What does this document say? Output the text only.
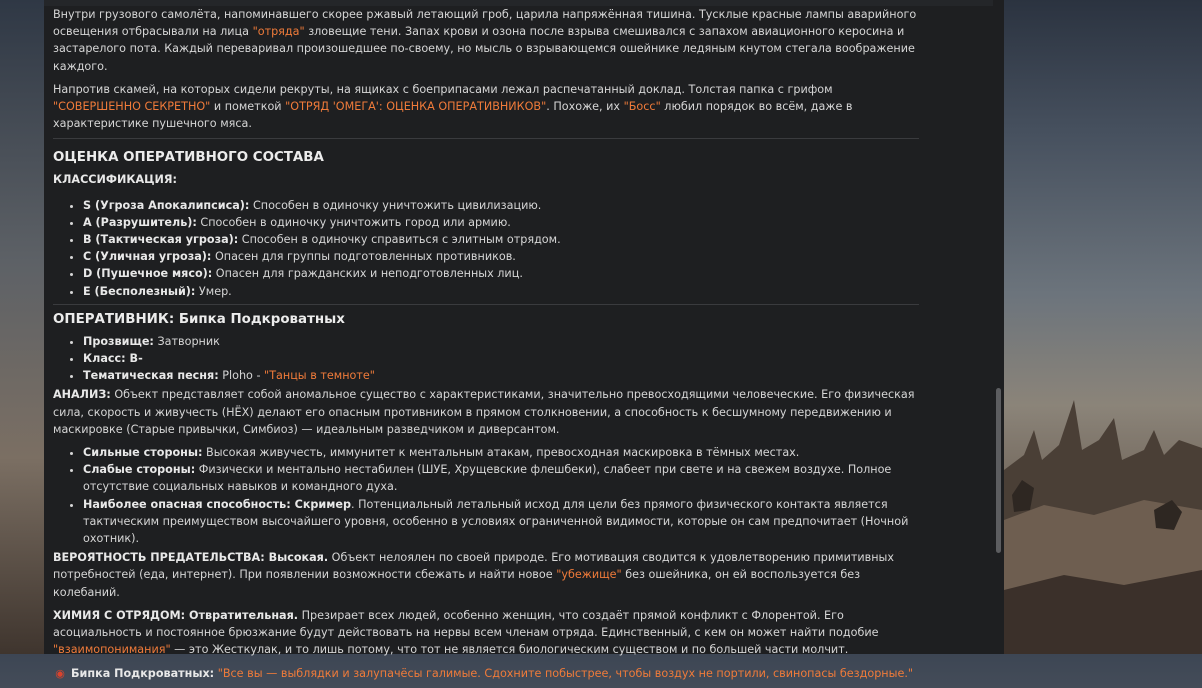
Внутри грузового самолёта, напоминавшего скорее ржавый летающий гроб, царила напряжённая тишина. Тусклые красные лампы аварийного освещения отбрасывали на лица "отряда" зловещие тени. Запах крови и озона после взрыва смешивался с запахом авиационного керосина и застарелого пота. Каждый переваривал произошедшее по-своему, но мысль о взрывающемся ошейнике ледяным кнутом стегала воображение каждого.

Напротив скамей, на которых сидели рекруты, на ящиках с боеприпасами лежал распечатанный доклад. Толстая папка с грифом "СОВЕРШЕННО СЕКРЕТНО" и пометкой "ОТРЯД 'ОМЕГА': ОЦЕНКА ОПЕРАТИВНИКОВ". Похоже, их "Босс" любил порядок во всём, даже в характеристике пушечного мяса.

ОЦЕНКА ОПЕРАТИВНОГО СОСТАВА
КЛАССИФИКАЦИЯ:
• S (Угроза Апокалипсиса): Способен в одиночку уничтожить цивилизацию.
• A (Разрушитель): Способен в одиночку уничтожить город или армию.
• B (Тактическая угроза): Способен в одиночку справиться с элитным отрядом.
• C (Уличная угроза): Опасен для группы подготовленных противников.
• D (Пушечное мясо): Опасен для гражданских и неподготовленных лиц.
• E (Бесполезный): Умер.
ОПЕРАТИВНИК: Бипка Подкроватных
• Прозвище: Затворник
• Класс: B-
• Тематическая песня: Ploho - "Танцы в темноте"

АНАЛИЗ: Объект представляет собой аномальное существо с характеристиками, значительно превосходящими человеческие. Его физическая сила, скорость и живучесть (НЁХ) делают его опасным противником в прямом столкновении, а способность к бесшумному передвижению и маскировке (Старые привычки, Симбиоз) — идеальным разведчиком и диверсантом.

• Сильные стороны: Высокая живучесть, иммунитет к ментальным атакам, превосходная маскировка в тёмных местах.
• Слабые стороны: Физически и ментально нестабилен (ШУЕ, Хрущевские флешбеки), слабеет при свете и на свежем воздухе. Полное отсутствие социальных навыков и командного духа.
• Наиболее опасная способность: Скример. Потенциальный летальный исход для цели без прямого физического контакта является тактическим преимуществом высочайшего уровня, особенно в условиях ограниченной видимости, которые он сам предпочитает (Ночной охотник).

ВЕРОЯТНОСТЬ ПРЕДАТЕЛЬСТВА: Высокая. Объект нелоялен по своей природе. Его мотивация сводится к удовлетворению примитивных потребностей (еда, интернет). При появлении возможности сбежать и найти новое "убежище" без ошейника, он ей воспользуется без колебаний.

ХИМИЯ С ОТРЯДОМ: Отвратительная. Презирает всех людей, особенно женщин, что создаёт прямой конфликт с Флорентой. Его асоциальность и постоянное брюзжание будут действовать на нервы всем членам отряда. Единственный, с кем он может найти подобие "взаимопонимания" — это Жесткулак, и то лишь потому, что тот не является биологическим существом и по большей части молчит.

◉ Бипка Подкроватных: "Все вы — выблядки и залупачёсы галимые. Сдохните побыстрее, чтобы воздух не портили, свинопасы бездорные."
